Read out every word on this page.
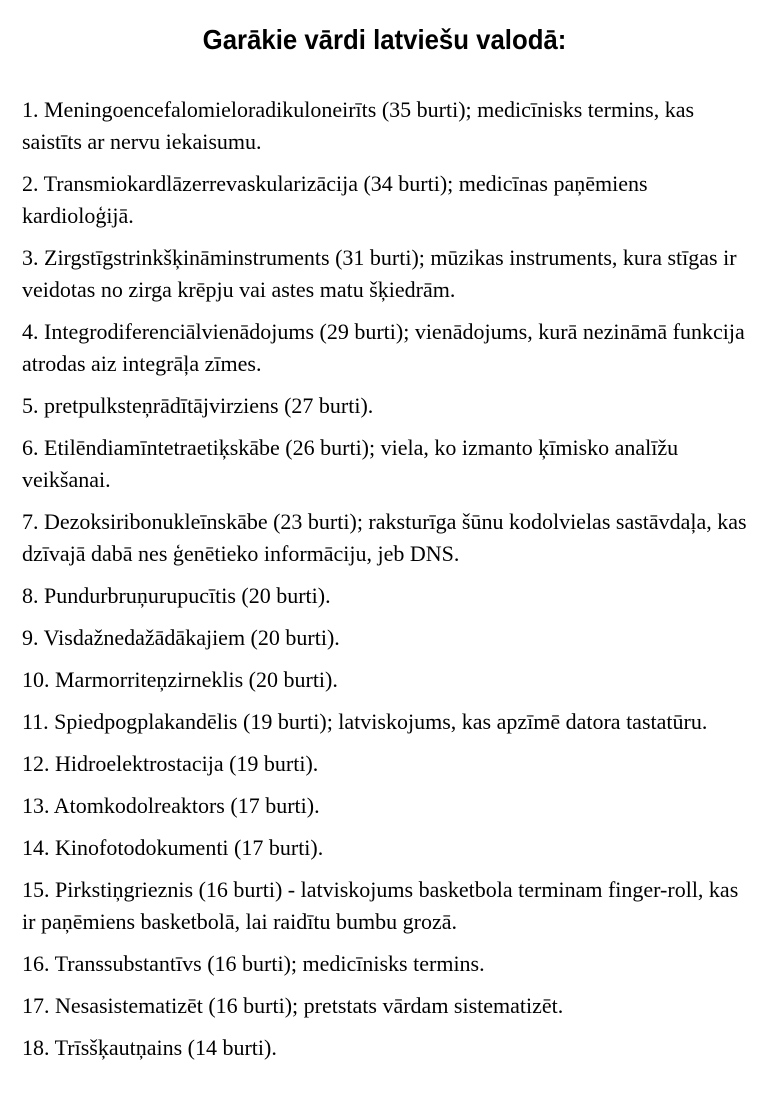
Garākie vārdi latviešu valodā:
1. Meningoencefalomieloradikuloneirīts (35 burti); medicīnisks termins, kas saistīts ar nervu iekaisumu.
2. Transmiokardlāzerrevaskularizācija (34 burti); medicīnas paņēmiens kardioloģijā.
3. Zirgstīgstrinkšķināminstruments (31 burti); mūzikas instruments, kura stīgas ir veidotas no zirga krēpju vai astes matu šķiedrām.
4. Integrodiferenciālvienādojums (29 burti); vienādojums, kurā nezināmā funkcija atrodas aiz integrāļa zīmes.
5. pretpulksteņrādītājvirziens (27 burti).
6. Etilēndiamīntetraetiķskābe (26 burti); viela, ko izmanto ķīmisko analīžu veikšanai.
7. Dezoksiribonukleīnskābe (23 burti); raksturīga šūnu kodolvielas sastāvdaļa, kas dzīvajā dabā nes ģenētieko informāciju, jeb DNS.
8. Pundurbruņurupucītis (20 burti).
9. Visdažnedažādākajiem (20 burti).
10. Marmorriteņzirneklis (20 burti).
11. Spiedpogplakandēlis (19 burti); latviskojums, kas apzīmē datora tastatūru.
12. Hidroelektrostacija (19 burti).
13. Atomkodolreaktors (17 burti).
14. Kinofotodokumenti (17 burti).
15. Pirkstiņgrieznis (16 burti) - latviskojums basketbola terminam finger-roll, kas ir paņēmiens basketbolā, lai raidītu bumbu grozā.
16. Transsubstantīvs (16 burti); medicīnisks termins.
17. Nesasistematizēt (16 burti); pretstats vārdam sistematizēt.
18. Trīsšķautņains (14 burti).
